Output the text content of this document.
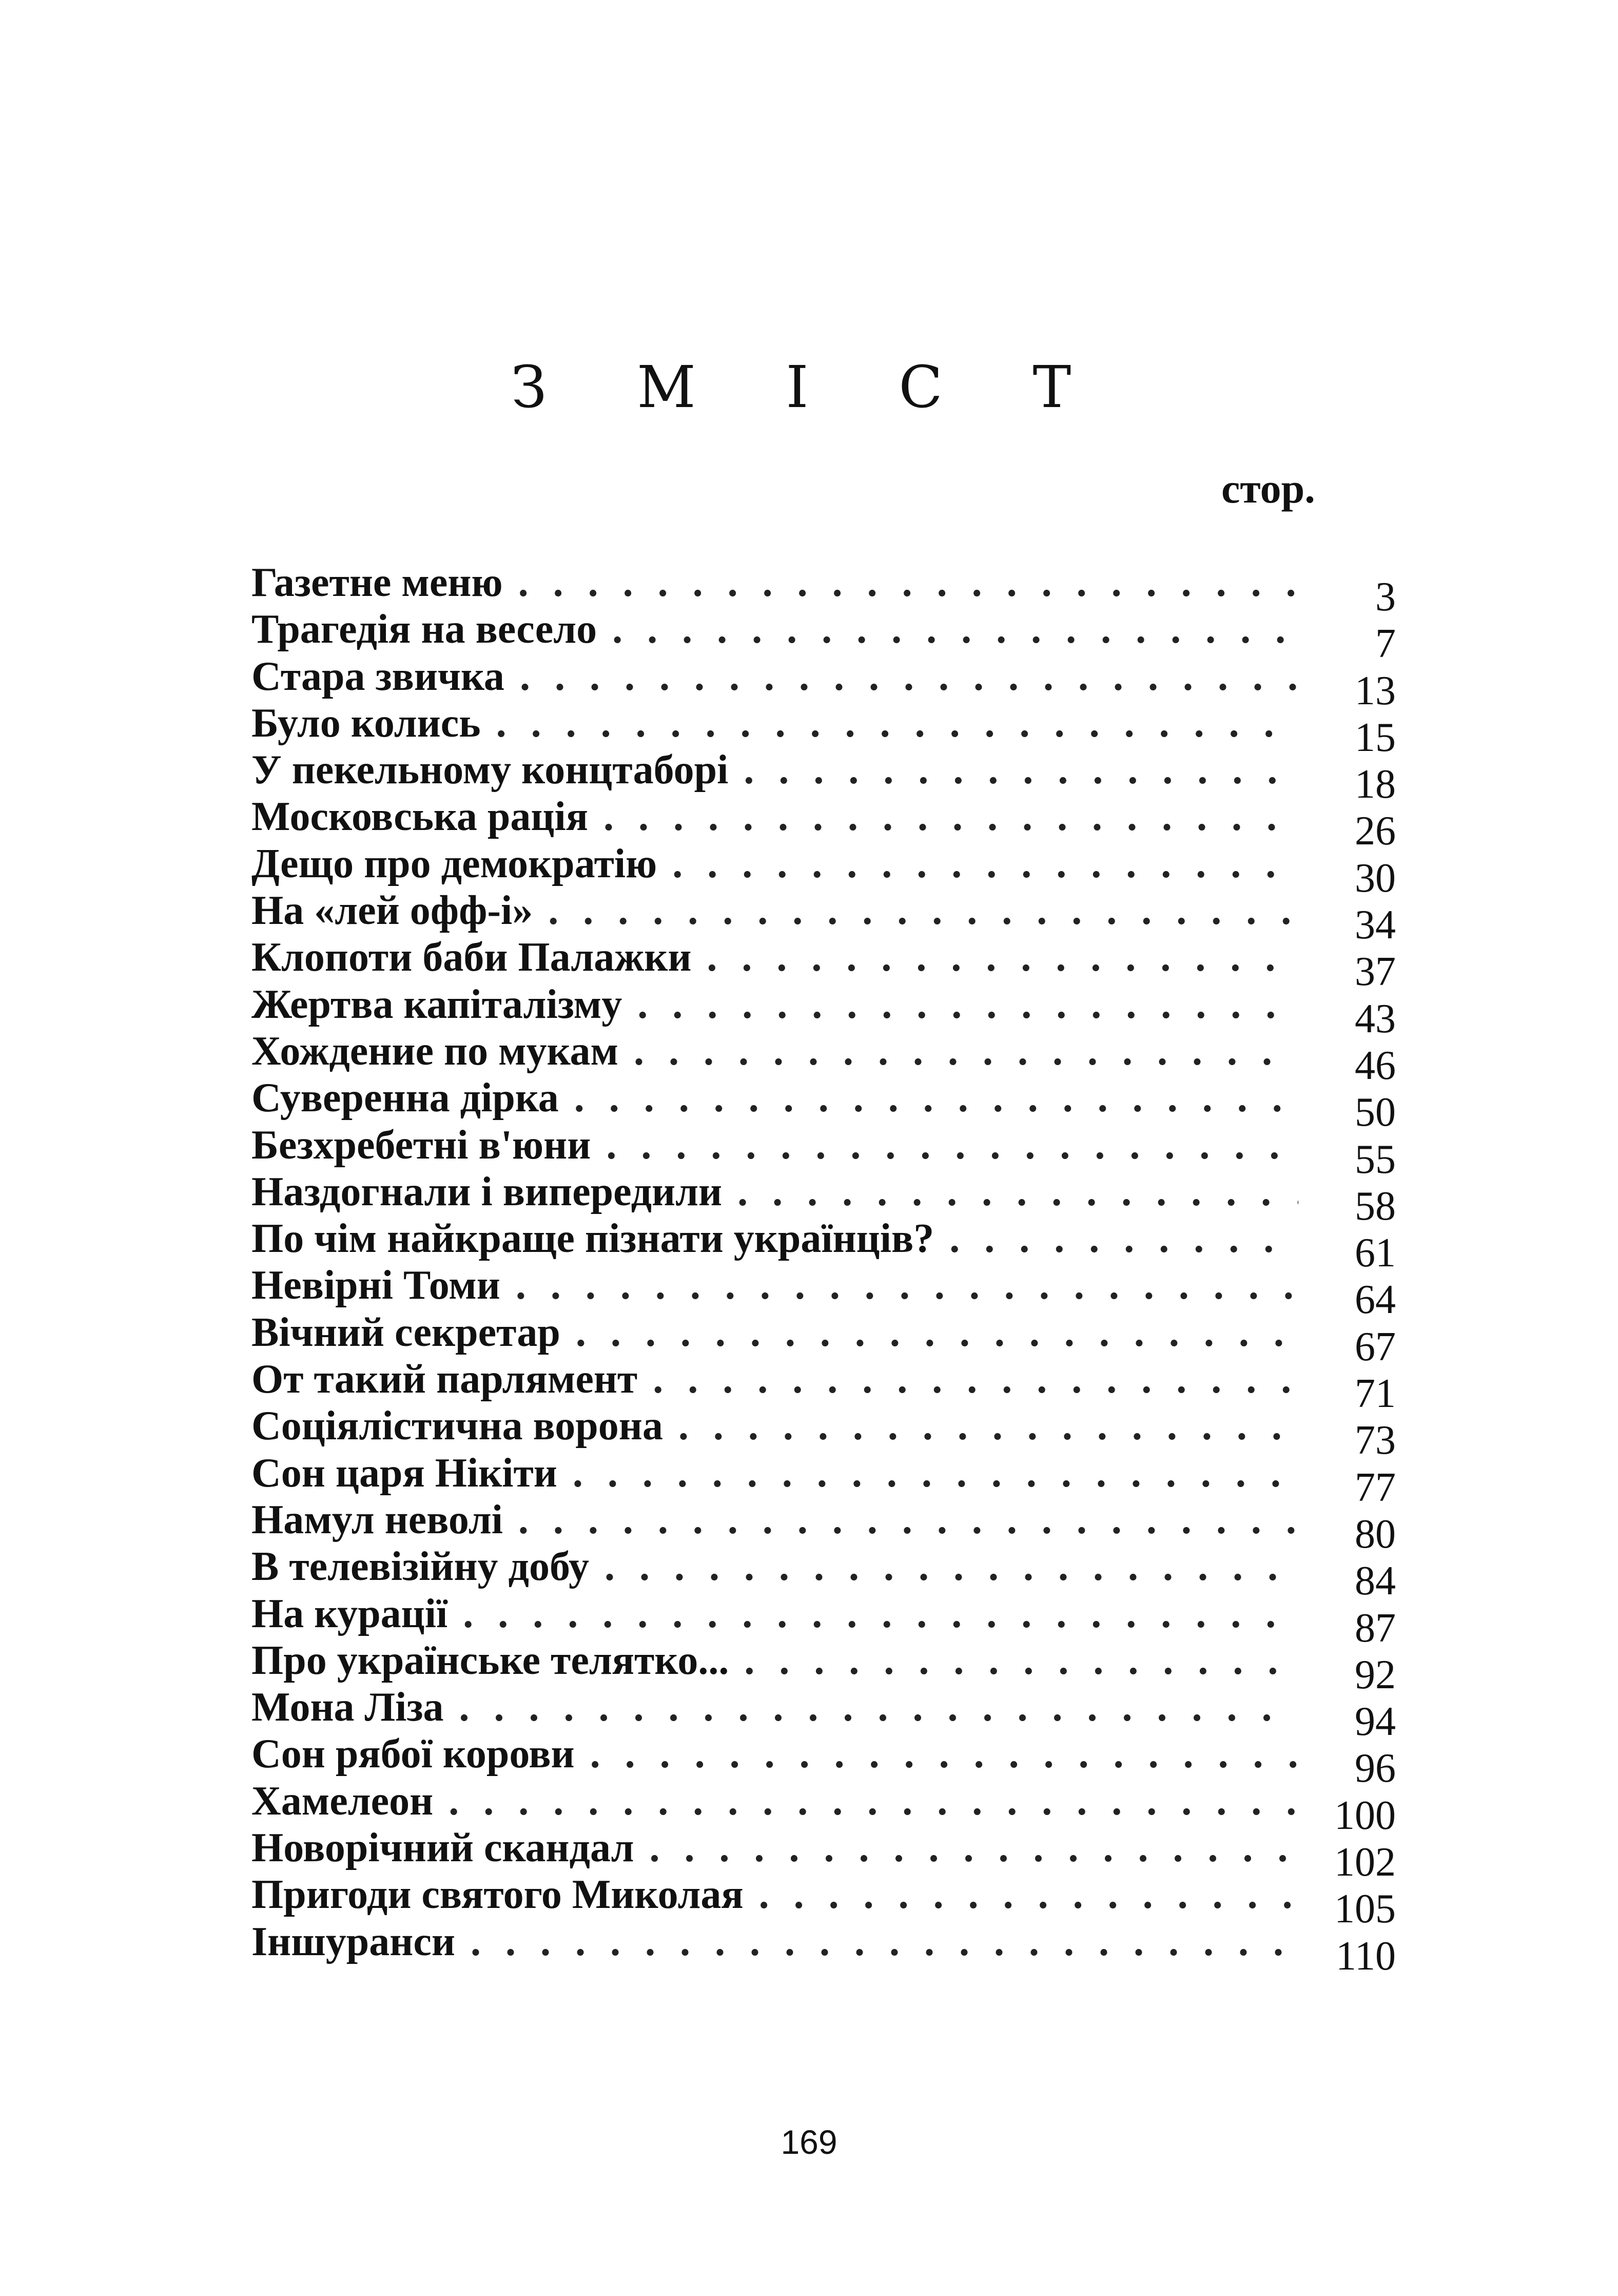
З М І С Т
стор.
Газетне меню . . .	3
Трагедія на весело . . .	7
Стара звичка . . .	13
Було колись . . .	15
У пекельному концтаборі . . .	18
Московська рація . . .	26
Дещо про демократію . . .	30
На «лей офф-і» . . .	34
Клопоти баби Палажки . . .	37
Жертва капіталізму . . .	43
Хождение по мукам . . .	46
Суверенна дірка . . .	50
Безхребетні в'юни . . .	55
Наздогнали і випередили . . .	58
По чім найкраще пізнати українців? . . .	61
Невірні Томи . . .	64
Вічний секретар . . .	67
От такий парлямент . . .	71
Соціялістична ворона . . .	73
Сон царя Нікіти . . .	77
Намул неволі . . .	80
В телевізійну добу . . .	84
На курації . . .	87
Про українське телятко... . . .	92
Мона Ліза . . .	94
Сон рябої корови . . .	96
Хамелеон . . .	100
Новорічний скандал . . .	102
Пригоди святого Миколая . . .	105
Іншуранси . . .	110
169
